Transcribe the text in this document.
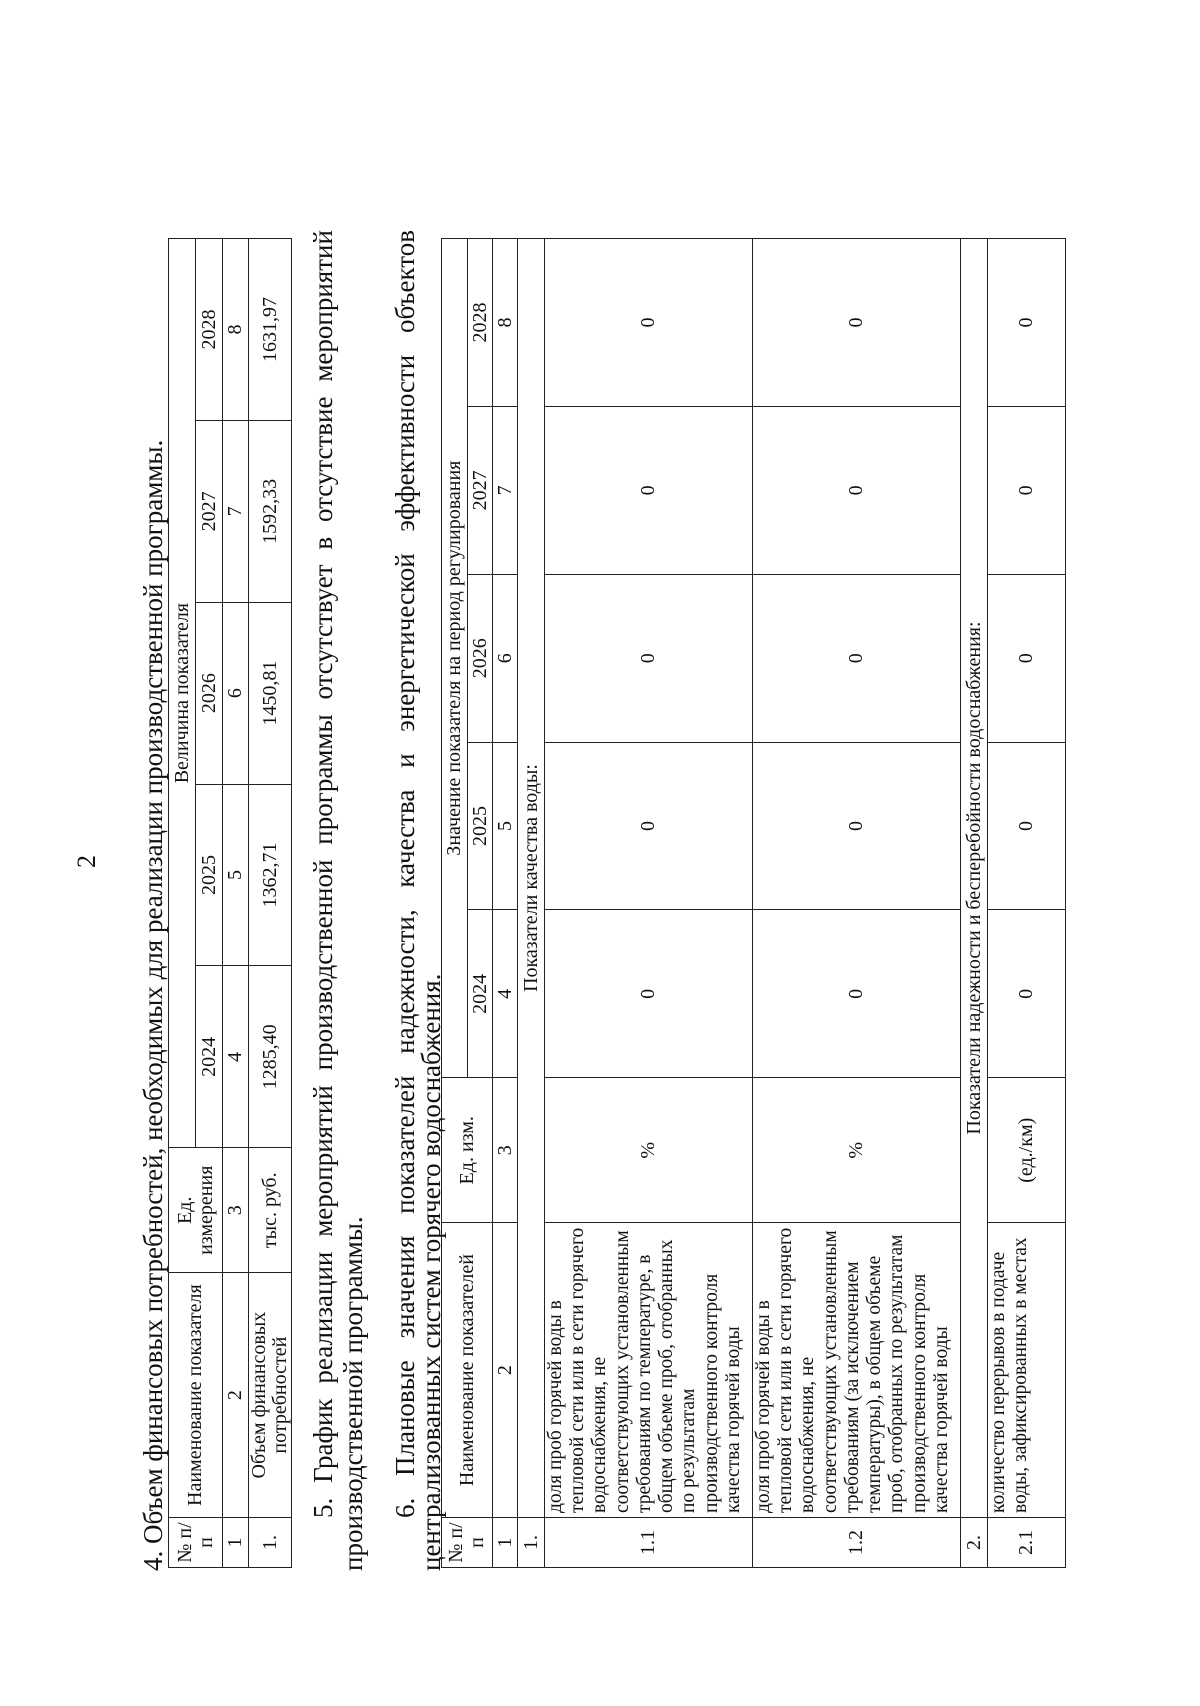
2 4. Объем финансовых потребностей, необходимых для реализации производственной программы. № п/п	Наименование показателя	Ед. измерения	Величина показателя				
			2024	2025	2026	2027	2028
1	2	3	4	5	6	7	8
1.	Объем финансовых потребностей	тыс. руб.	1285,40	1362,71	1450,81	1592,33	1631,97
5.
График
реализации
мероприятий
производственной
программы
отсутствует
в
отсутствие
мероприятий
производственной программы. 6.
Плановые
значения
показателей
надежности,
качества
и
энергетической
эффективности
объектов
централизованных систем горячего водоснабжения. № п/п	Наименование показателей	Ед. изм.	Значение показателя на период регулирования				
			2024	2025	2026	2027	2028
1	2	3	4	5	6	7	8
1.	Показатели качества воды:						
1.1	доля проб горячей воды в тепловой сети или в сети горячего водоснабжения, не соответствующих установленным требованиям по температуре, в общем объеме проб, отобранных по результатам производственного контроля качества горячей воды	%	0	0	0	0	0
1.2	доля проб горячей воды в тепловой сети или в сети горячего водоснабжения, не соответствующих установленным требованиям (за исключением температуры), в общем объеме проб, отобранных по результатам производственного контроля качества горячей воды	%	0	0	0	0	0
2.	Показатели надежности и бесперебойности водоснабжения:						
2.1	количество перерывов в подаче воды, зафиксированных в местах	(ед./км)	0	0	0	0	0
